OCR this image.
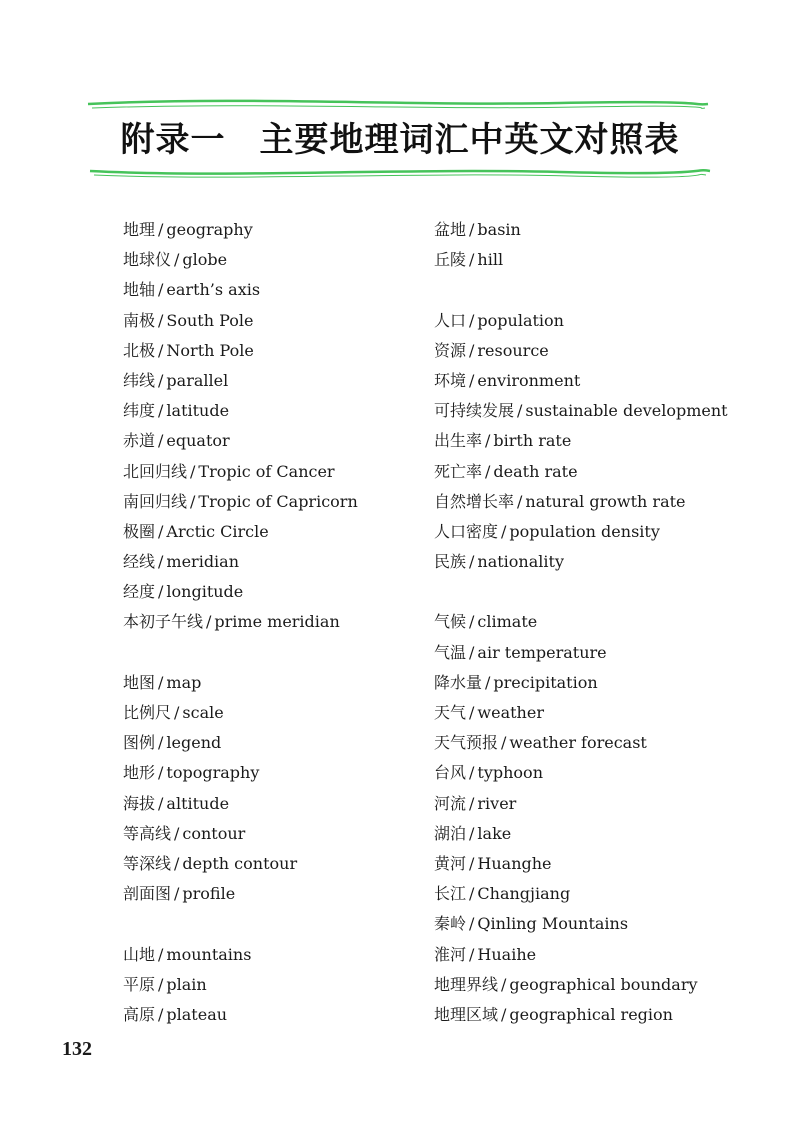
附录一 主要地理词汇中英文对照表
地理 / geography
地球仪 / globe
地轴 / earth’s axis
南极 / South Pole
北极 / North Pole
纬线 / parallel
纬度 / latitude
赤道 / equator
北回归线 / Tropic of Cancer
南回归线 / Tropic of Capricorn
极圈 / Arctic Circle
经线 / meridian
经度 / longitude
本初子午线 / prime meridian
地图 / map
比例尺 / scale
图例 / legend
地形 / topography
海拔 / altitude
等高线 / contour
等深线 / depth contour
剖面图 / profile
山地 / mountains
平原 / plain
高原 / plateau
盆地 / basin
丘陵 / hill
人口 / population
资源 / resource
环境 / environment
可持续发展 / sustainable development
出生率 / birth rate
死亡率 / death rate
自然增长率 / natural growth rate
人口密度 / population density
民族 / nationality
气候 / climate
气温 / air temperature
降水量 / precipitation
天气 / weather
天气预报 / weather forecast
台风 / typhoon
河流 / river
湖泊 / lake
黄河 / Huanghe
长江 / Changjiang
秦岭 / Qinling Mountains
淮河 / Huaihe
地理界线 / geographical boundary
地理区域 / geographical region
132
